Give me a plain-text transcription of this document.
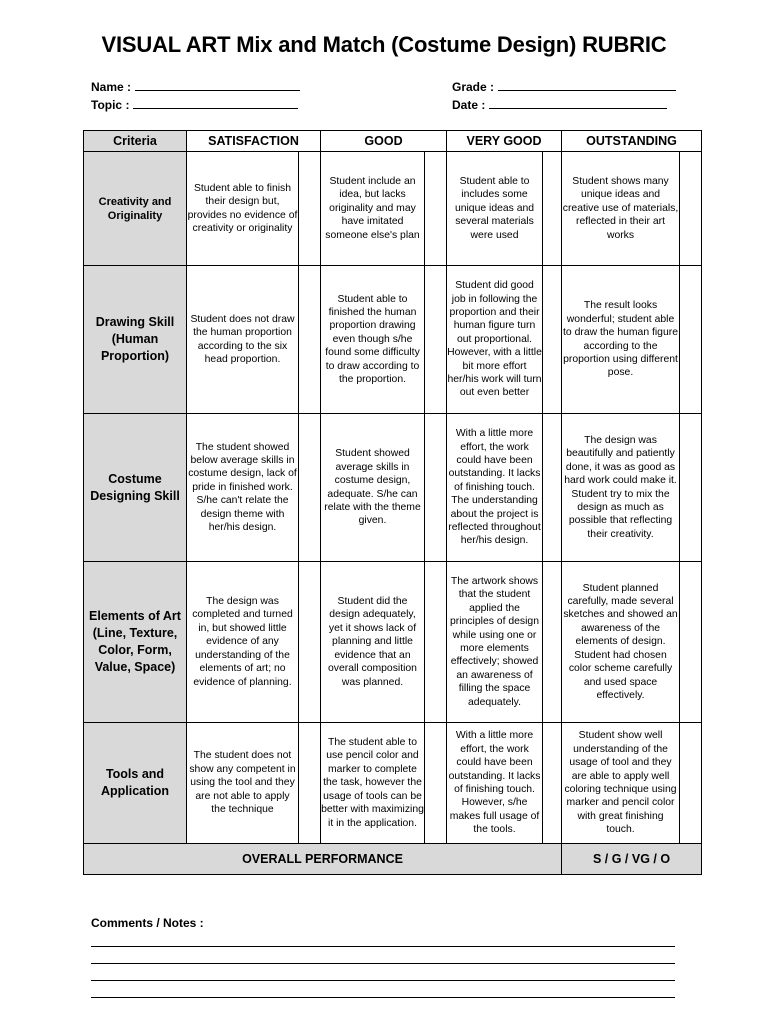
VISUAL ART Mix and Match (Costume Design) RUBRIC
Name :
Topic :
Grade :
Date :
Criteria	SATISFACTION		GOOD		VERY GOOD		OUTSTANDING	
Creativity and Originality	Student able to finish their design but, provides no evidence of creativity or originality		Student include an idea, but lacks originality and may have imitated someone else's plan		Student able to includes some unique ideas and several materials were used		Student shows many unique ideas and creative use of materials, reflected in their art works	
Drawing Skill (Human Proportion)	Student does not draw the human proportion according to the six head proportion.		Student able to finished the human proportion drawing even though s/he found some difficulty to draw according to the proportion.		Student did good job in following the proportion and their human figure turn out proportional. However, with a little bit more effort her/his work will turn out even better		The result looks wonderful; student able to draw the human figure according to the proportion using different pose.	
Costume Designing Skill	The student showed below average skills in costume design, lack of pride in finished work. S/he can't relate the design theme with her/his design.		Student showed average skills in costume design, adequate. S/he can relate with the theme given.		With a little more effort, the work could have been outstanding. It lacks of finishing touch. The understanding about the project is reflected throughout her/his design.		The design was beautifully and patiently done, it was as good as hard work could make it. Student try to mix the design as much as possible that reflecting their creativity.	
Elements of Art (Line, Texture, Color, Form, Value, Space)	The design was completed and turned in, but showed little evidence of any understanding of the elements of art; no evidence of planning.		Student did the design adequately, yet it shows lack of planning and little evidence that an overall composition was planned.		The artwork shows that the student applied the principles of design while using one or more elements effectively; showed an awareness of filling the space adequately.		Student planned carefully, made several sketches and showed an awareness of the elements of design. Student had chosen color scheme carefully and used space effectively.	
Tools and Application	The student does not show any competent in using the tool and they are not able to apply the technique		The student able to use pencil color and marker to complete the task, however the usage of tools can be better with maximizing it in the application.		With a little more effort, the work could have been outstanding. It lacks of finishing touch. However, s/he makes full usage of the tools.		Student show well understanding of the usage of tool and they are able to apply well coloring technique using marker and pencil color with great finishing touch.	
OVERALL PERFORMANCE							S / G / VG / O	
Comments / Notes :
